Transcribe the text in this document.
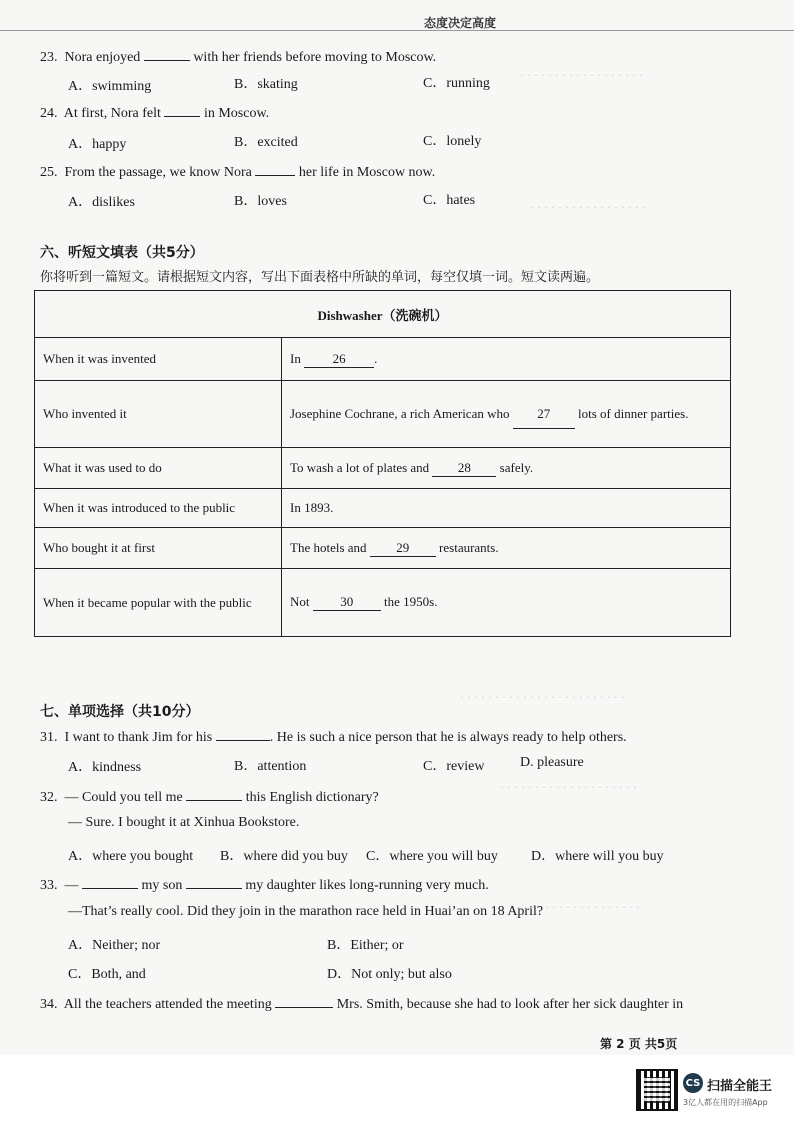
· · · · · · · · · · · · · · · · · ·
· · · · · · · · · · · · · · · · ·
· · · · · · · · · · · · · · · · · · · · · · · ·
· · · · · · · · · · · · · · · · · · · ·
· · · · · · · · · · · · · · · · · · ·
态度决定高度
23. Nora enjoyed	with her friends before moving to Moscow.
A．swimming	B．skating	C．running
24. At first, Nora felt	in Moscow.
A．happy	B．excited	C．lonely
25. From the passage, we know Nora	her life in Moscow now.
A．dislikes	B．loves	C．hates
六、听短文填表（共5分）
你将听到一篇短文。请根据短文内容，写出下面表格中所缺的单词，每空仅填一词。短文读两遍。
Dishwasher（洗碗机）	
When it was invented	In 26 .
Who invented it	Josephine Cochrane, a rich American who 27 lots of dinner parties.
What it was used to do	To wash a lot of plates and 28 safely.
When it was introduced to the public	In 1893.
Who bought it at first	The hotels and 29 restaurants.
When it became popular with the public	Not 30 the 1950s.
七、单项选择（共10分）
31. I want to thank Jim for his	. He is such a nice person that he is always ready to help others.
A．kindness	B．attention	C．review	D. pleasure
32. — Could you tell me	this English dictionary?
— Sure. I bought it at Xinhua Bookstore.
A．where you bought B．where did you buy C．where you will buy D．where will you buy
33. —	my son	my daughter likes long-running very much.
—That’s really cool. Did they join in the marathon race held in Huai’an on 18 April?
A．Neither; nor	B．Either; or
C．Both, and	D．Not only; but also
34. All the teachers attended the meeting	Mrs. Smith, because she had to look after her sick daughter in
第 2 页 共5页
CS 扫描全能王
3亿人都在用的扫描App
